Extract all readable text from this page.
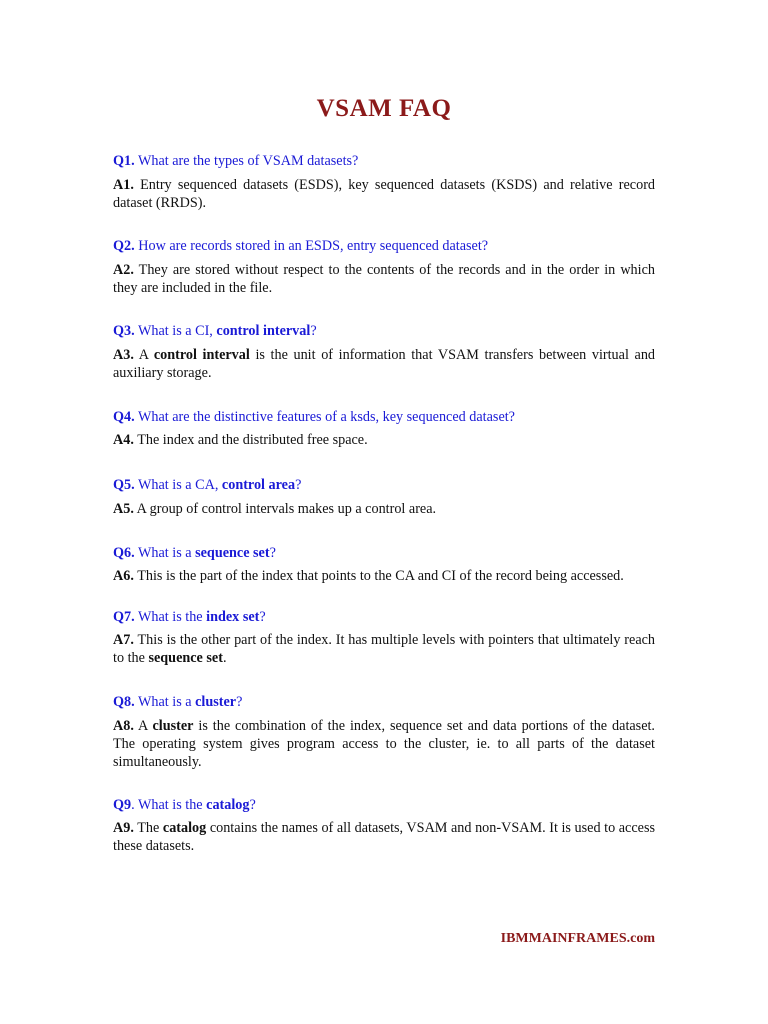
VSAM FAQ

Q1. What are the types of VSAM datasets?

A1. Entry sequenced datasets (ESDS), key sequenced datasets (KSDS) and relative record dataset (RRDS).

Q2. How are records stored in an ESDS, entry sequenced dataset?

A2. They are stored without respect to the contents of the records and in the order in which they are included in the file.

Q3. What is a CI, control interval?

A3. A control interval is the unit of information that VSAM transfers between virtual and auxiliary storage.

Q4. What are the distinctive features of a ksds, key sequenced dataset?

A4. The index and the distributed free space.

Q5. What is a CA, control area?

A5. A group of control intervals makes up a control area.

Q6. What is a sequence set?

A6. This is the part of the index that points to the CA and CI of the record being accessed.

Q7. What is the index set?

A7. This is the other part of the index. It has multiple levels with pointers that ultimately reach to the sequence set.

Q8. What is a cluster?

A8. A cluster is the combination of the index, sequence set and data portions of the dataset. The operating system gives program access to the cluster, ie. to all parts of the dataset simultaneously.

Q9. What is the catalog?

A9. The catalog contains the names of all datasets, VSAM and non-VSAM. It is used to access these datasets.

IBMMAINFRAMES.com
